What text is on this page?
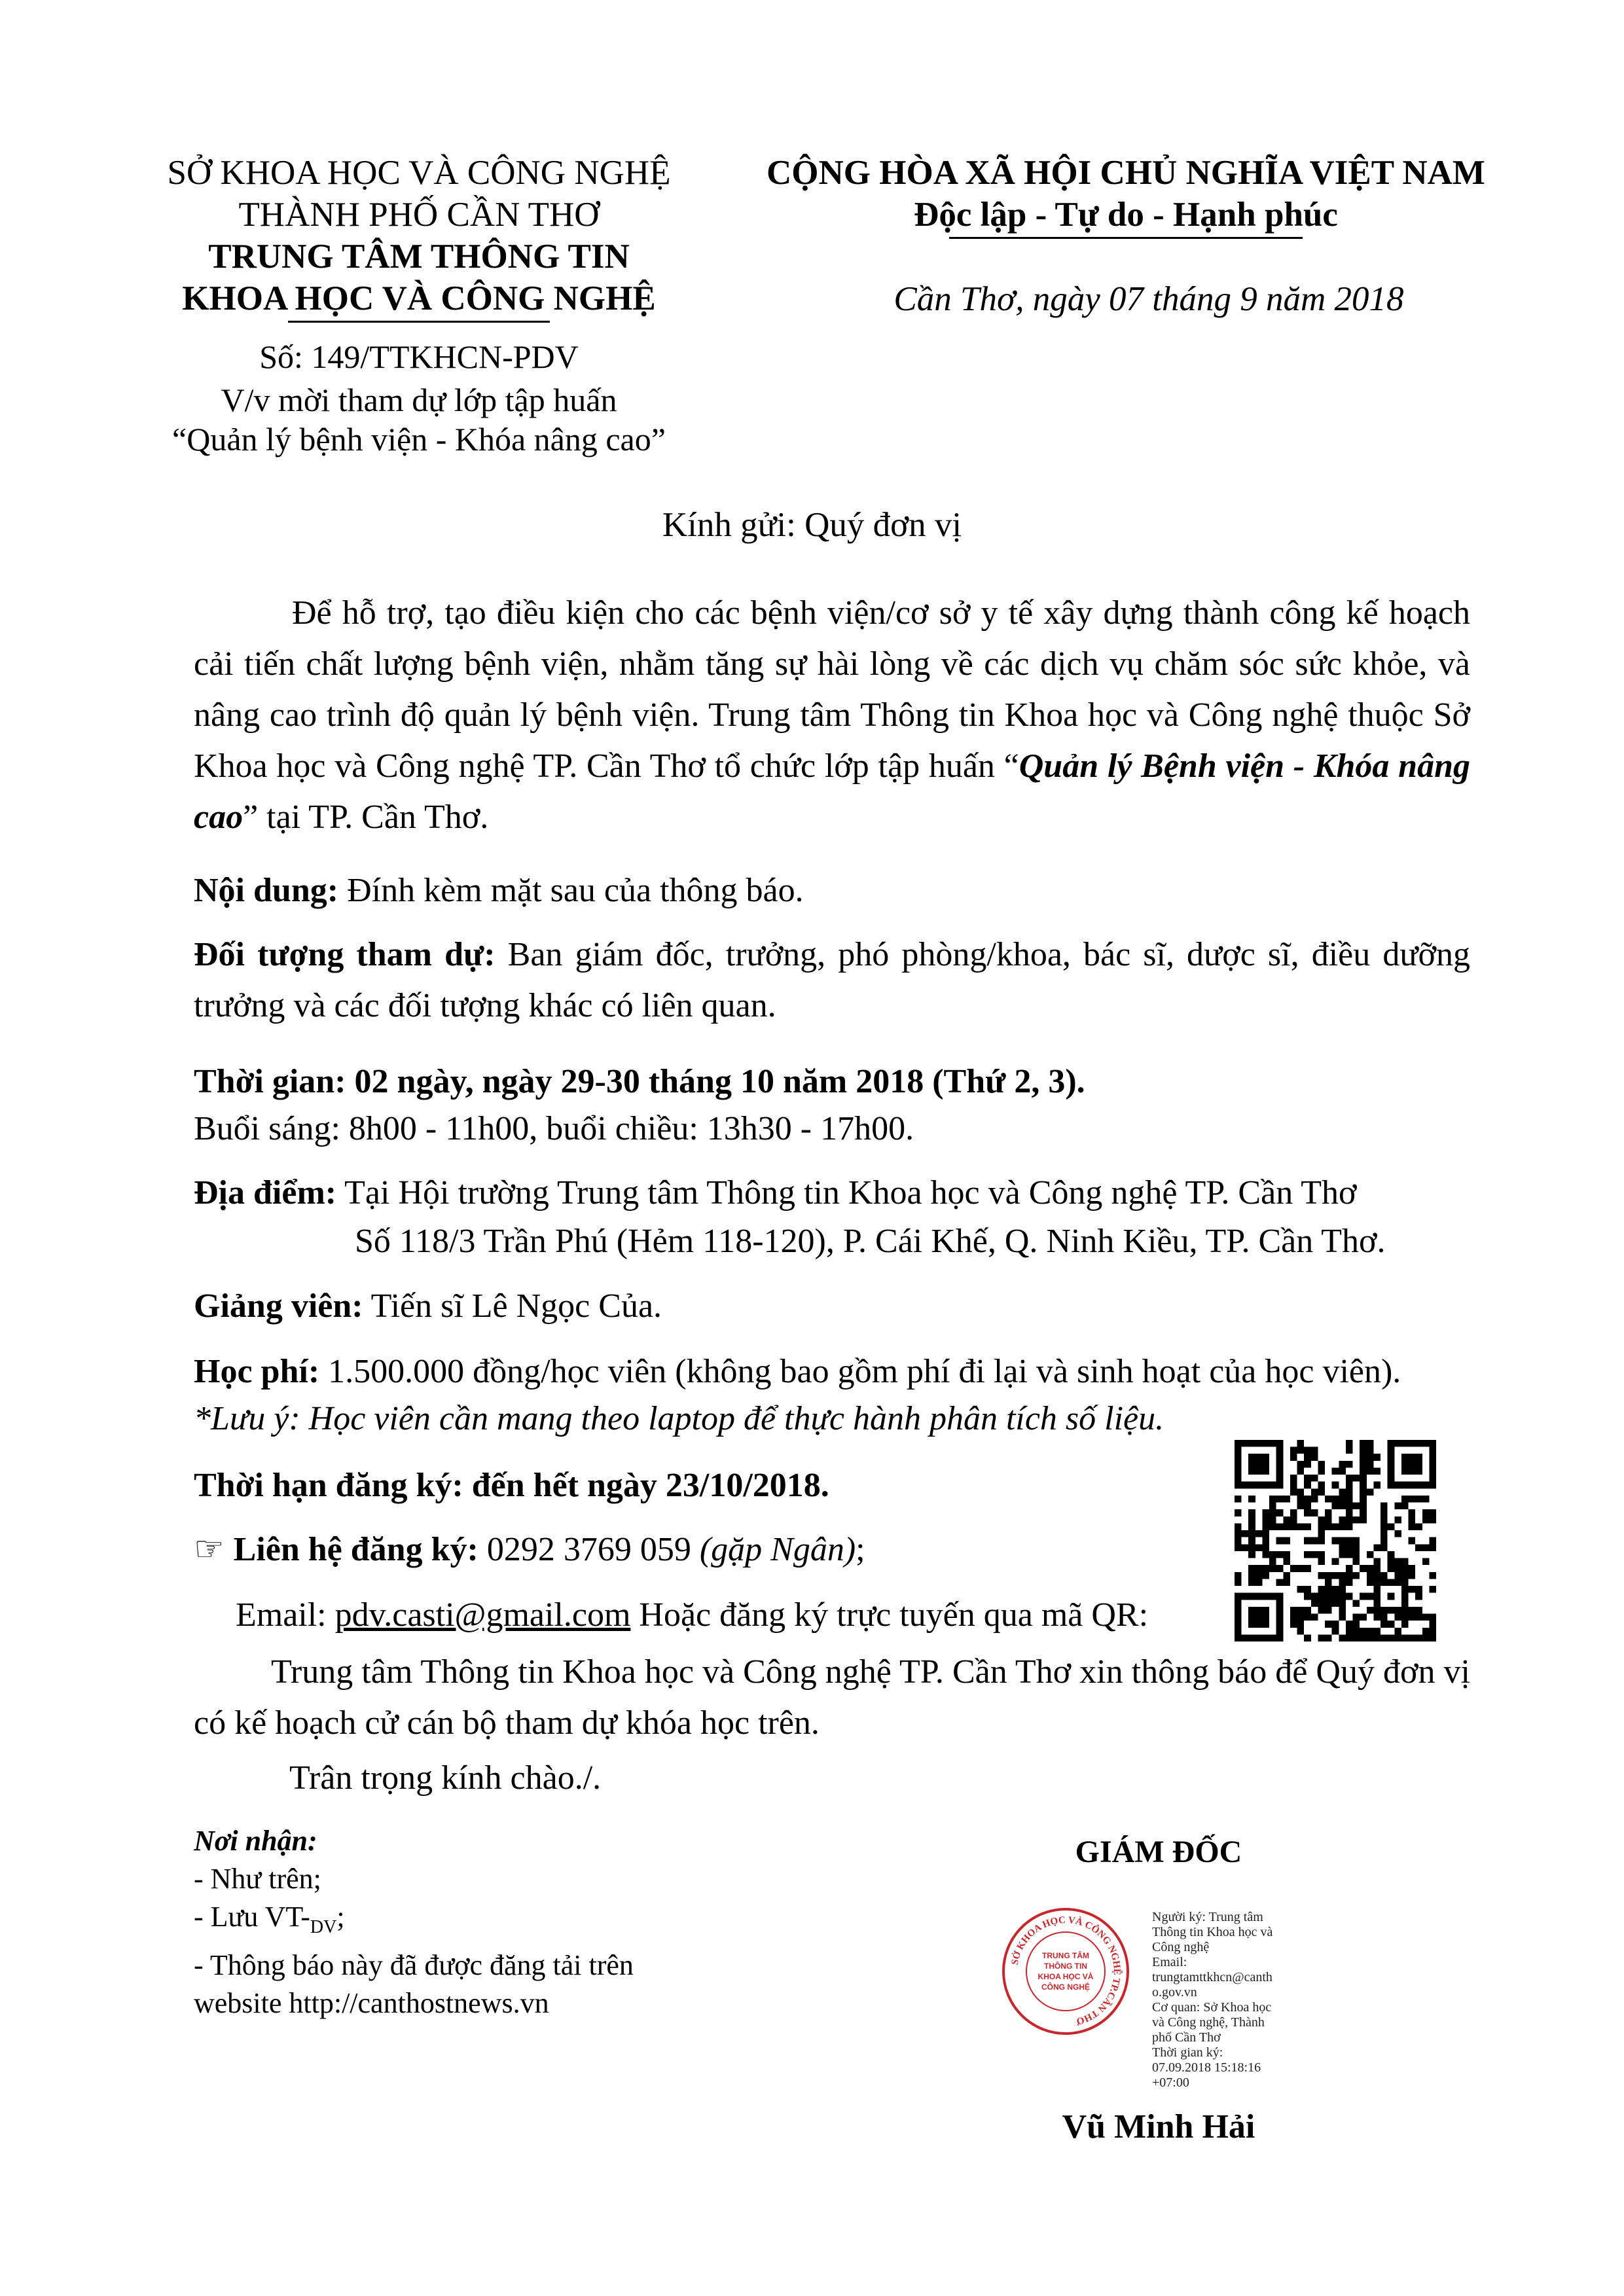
SỞ KHOA HỌC VÀ CÔNG NGHỆ
THÀNH PHỐ CẦN THƠ
TRUNG TÂM THÔNG TIN
KHOA HỌC VÀ CÔNG NGHỆ
Số: 149/TTKHCN-PDV
V/v mời tham dự lớp tập huấn
“Quản lý bệnh viện - Khóa nâng cao”
CỘNG HÒA XÃ HỘI CHỦ NGHĨA VIỆT NAM
Độc lập - Tự do - Hạnh phúc
Cần Thơ, ngày 07 tháng 9 năm 2018
Kính gửi: Quý đơn vị
Để hỗ trợ, tạo điều kiện cho các bệnh viện/cơ sở y tế xây dựng thành công kế hoạch cải tiến chất lượng bệnh viện, nhằm tăng sự hài lòng về các dịch vụ chăm sóc sức khỏe, và nâng cao trình độ quản lý bệnh viện. Trung tâm Thông tin Khoa học và Công nghệ thuộc Sở Khoa học và Công nghệ TP. Cần Thơ tổ chức lớp tập huấn “Quản lý Bệnh viện - Khóa nâng cao” tại TP. Cần Thơ.
Nội dung: Đính kèm mặt sau của thông báo.
Đối tượng tham dự: Ban giám đốc, trưởng, phó phòng/khoa, bác sĩ, dược sĩ, điều dưỡng trưởng và các đối tượng khác có liên quan.
Thời gian: 02 ngày, ngày 29-30 tháng 10 năm 2018 (Thứ 2, 3).
Buổi sáng: 8h00 - 11h00, buổi chiều: 13h30 - 17h00.
Địa điểm: Tại Hội trường Trung tâm Thông tin Khoa học và Công nghệ TP. Cần Thơ
Số 118/3 Trần Phú (Hẻm 118-120), P. Cái Khế, Q. Ninh Kiều, TP. Cần Thơ.
Giảng viên: Tiến sĩ Lê Ngọc Của.
Học phí: 1.500.000 đồng/học viên (không bao gồm phí đi lại và sinh hoạt của học viên).
*Lưu ý: Học viên cần mang theo laptop để thực hành phân tích số liệu.
Thời hạn đăng ký: đến hết ngày 23/10/2018.
☞ Liên hệ đăng ký: 0292 3769 059 (gặp Ngân);
Email: pdv.casti@gmail.com Hoặc đăng ký trực tuyến qua mã QR:
Trung tâm Thông tin Khoa học và Công nghệ TP. Cần Thơ xin thông báo để Quý đơn vị có kế hoạch cử cán bộ tham dự khóa học trên.
Trân trọng kính chào./.
Nơi nhận:
- Như trên;
- Lưu $VT-_{DV}$;
- Thông báo này đã được đăng tải trên
website http://canthostnews.vn
GIÁM ĐỐC
SỞ KHOA HỌC VÀ CÔNG NGHỆ TP.CẦN THƠ
TRUNG TÂM
THÔNG TIN
KHOA HỌC VÀ
CÔNG NGHỆ
Người ký: Trung tâm
Thông tin Khoa học và
Công nghệ
Email:
trungtamttkhcn@canth
o.gov.vn
Cơ quan: Sở Khoa học
và Công nghệ, Thành
phố Cần Thơ
Thời gian ký:
07.09.2018 15:18:16
+07:00
Vũ Minh Hải
